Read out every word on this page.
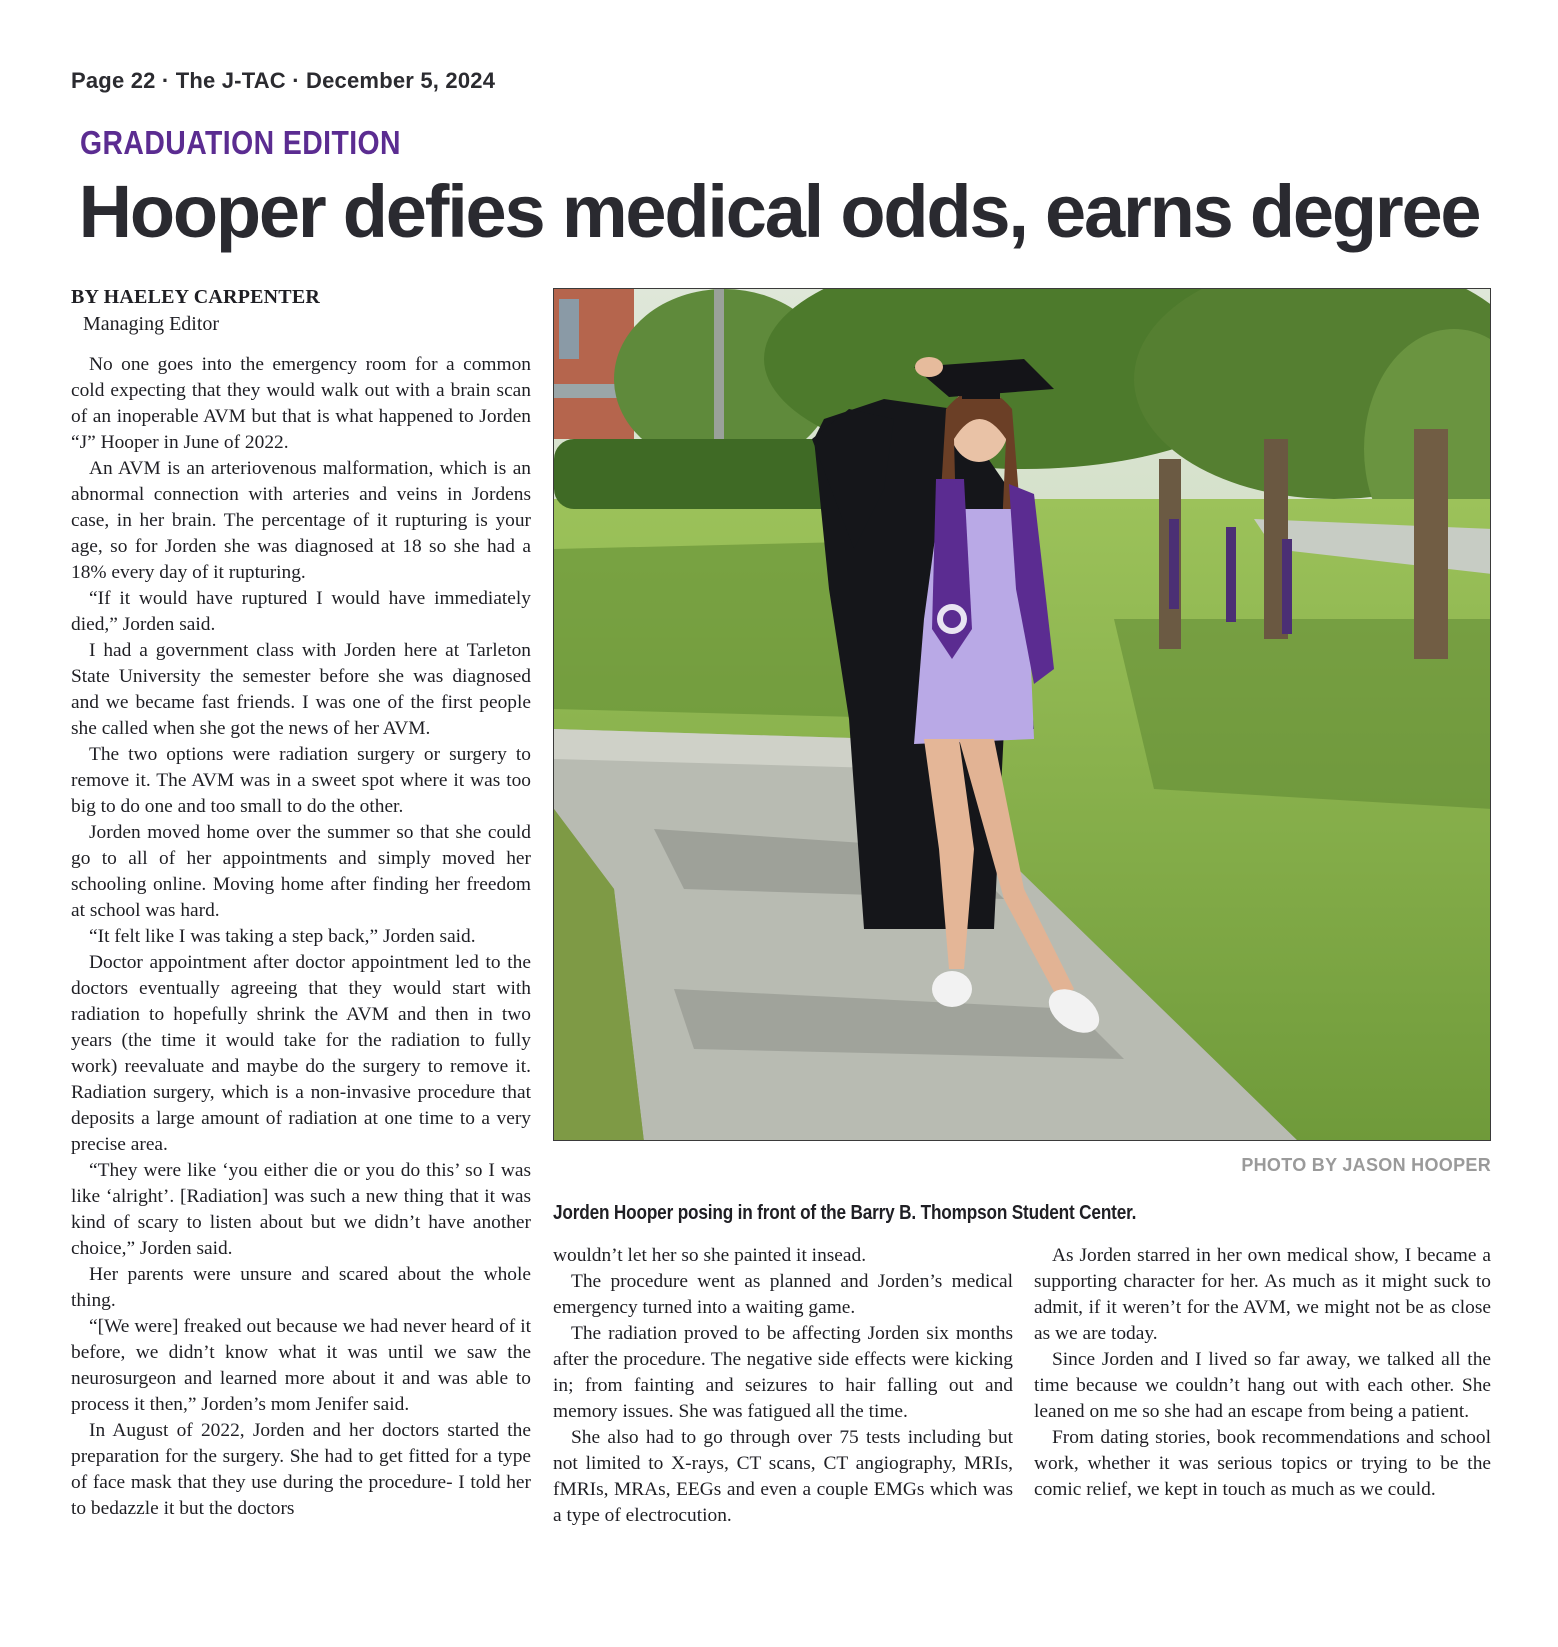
Page 22 · The J-TAC · December 5, 2024
GRADUATION EDITION
Hooper defies medical odds, earns degree
BY HAELEY CARPENTER
Managing Editor

No one goes into the emergency room for a common cold expecting that they would walk out with a brain scan of an inoperable AVM but that is what happened to Jorden “J” Hooper in June of 2022.

An AVM is an arteriovenous malformation, which is an abnormal connection with arteries and veins in Jordens case, in her brain. The percentage of it rupturing is your age, so for Jorden she was diagnosed at 18 so she had a 18% every day of it rupturing.

“If it would have ruptured I would have immediately died,” Jorden said.

I had a government class with Jorden here at Tarleton State University the semester before she was diagnosed and we became fast friends. I was one of the first people she called when she got the news of her AVM.

The two options were radiation surgery or surgery to remove it. The AVM was in a sweet spot where it was too big to do one and too small to do the other.

Jorden moved home over the summer so that she could go to all of her appointments and simply moved her schooling online. Moving home after finding her freedom at school was hard.

“It felt like I was taking a step back,” Jorden said.

Doctor appointment after doctor appointment led to the doctors eventually agreeing that they would start with radiation to hopefully shrink the AVM and then in two years (the time it would take for the radiation to fully work) reevaluate and maybe do the surgery to remove it. Radiation surgery, which is a non-invasive procedure that deposits a large amount of radiation at one time to a very precise area.

“They were like ‘you either die or you do this’ so I was like ‘alright’. [Radiation] was such a new thing that it was kind of scary to listen about but we didn’t have another choice,” Jorden said.

Her parents were unsure and scared about the whole thing.

“[We were] freaked out because we had never heard of it before, we didn’t know what it was until we saw the neurosurgeon and learned more about it and was able to process it then,” Jorden’s mom Jenifer said.

In August of 2022, Jorden and her doctors started the preparation for the surgery. She had to get fitted for a type of face mask that they use during the procedure- I told her to bedazzle it but the doctors

PHOTO BY JASON HOOPER
Jorden Hooper posing in front of the Barry B. Thompson Student Center.

wouldn’t let her so she painted it insead.

The procedure went as planned and Jorden’s medical emergency turned into a waiting game.

The radiation proved to be affecting Jorden six months after the procedure. The negative side effects were kicking in; from fainting and seizures to hair falling out and memory issues. She was fatigued all the time.

She also had to go through over 75 tests including but not limited to X-rays, CT scans, CT angiography, MRIs, fMRIs, MRAs, EEGs and even a couple EMGs which was a type of electrocution.

As Jorden starred in her own medical show, I became a supporting character for her. As much as it might suck to admit, if it weren’t for the AVM, we might not be as close as we are today.

Since Jorden and I lived so far away, we talked all the time because we couldn’t hang out with each other. She leaned on me so she had an escape from being a patient.

From dating stories, book recommendations and school work, whether it was serious topics or trying to be the comic relief, we kept in touch as much as we could.
